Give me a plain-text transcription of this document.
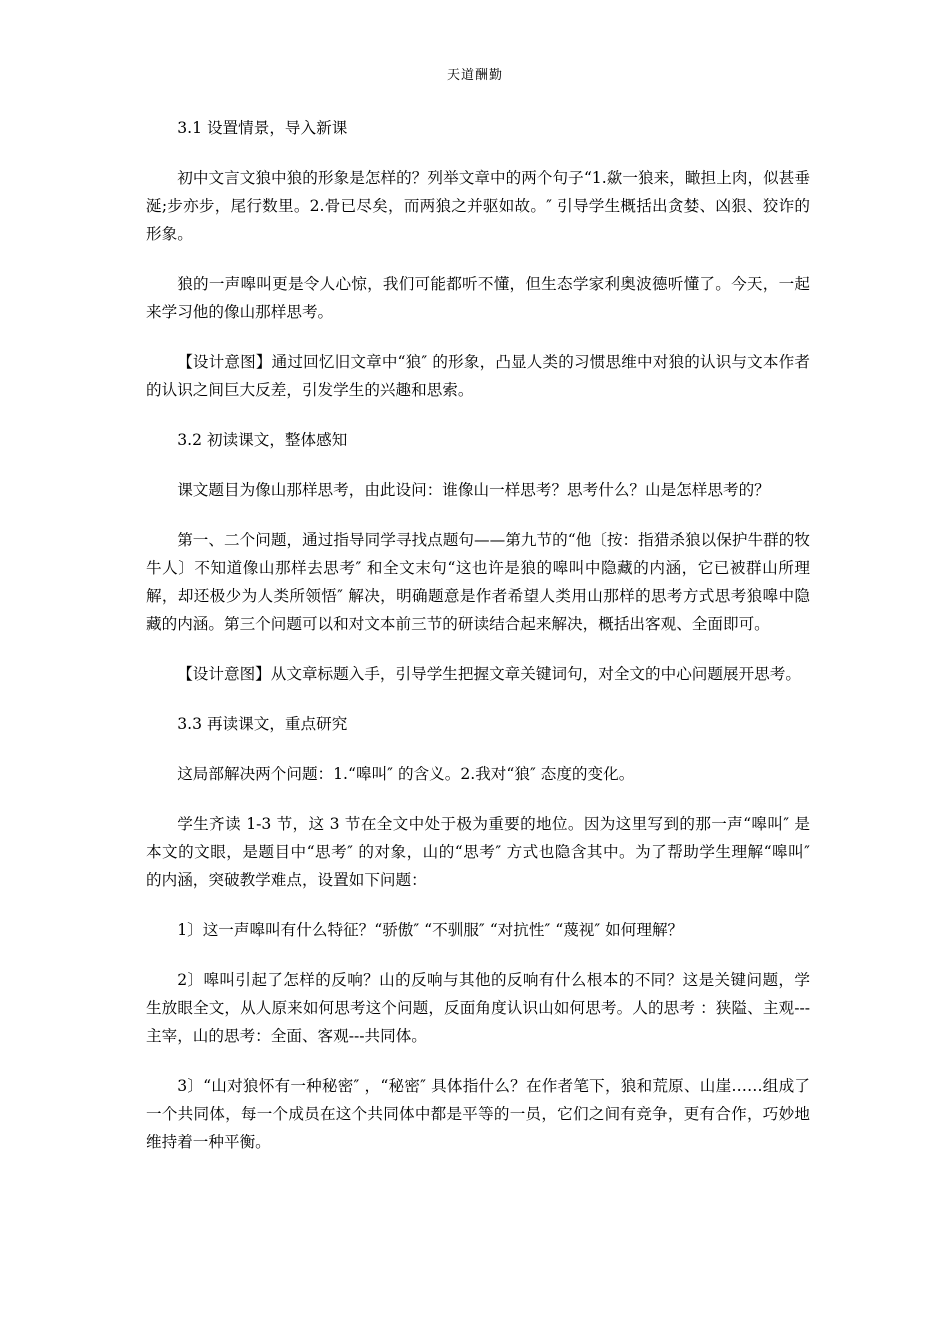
天道酬勤

3.1 设置情景，导入新课

初中文言文狼中狼的形象是怎样的？列举文章中的两个句子“1.歘一狼来，瞰担上肉，似甚垂涎;步亦步，尾行数里。2.骨已尽矣，而两狼之并驱如故。″ 引导学生概括出贪婪、凶狠、狡诈的形象。

狼的一声嗥叫更是令人心惊，我们可能都听不懂，但生态学家利奥波德听懂了。今天，一起来学习他的像山那样思考。

【设计意图】通过回忆旧文章中“狼″ 的形象，凸显人类的习惯思维中对狼的认识与文本作者的认识之间巨大反差，引发学生的兴趣和思索。

3.2 初读课文，整体感知

课文题目为像山那样思考，由此设问：谁像山一样思考？思考什么？山是怎样思考的？

第一、二个问题，通过指导同学寻找点题句——第九节的“他〔按：指猎杀狼以保护牛群的牧牛人〕不知道像山那样去思考″ 和全文末句“这也许是狼的嗥叫中隐藏的内涵，它已被群山所理解，却还极少为人类所领悟″ 解决，明确题意是作者希望人类用山那样的思考方式思考狼嗥中隐藏的内涵。第三个问题可以和对文本前三节的研读结合起来解决，概括出客观、全面即可。

【设计意图】从文章标题入手，引导学生把握文章关键词句，对全文的中心问题展开思考。

3.3 再读课文，重点研究

这局部解决两个问题：1.“嗥叫″ 的含义。2.我对“狼″ 态度的变化。

学生齐读 1-3 节，这 3 节在全文中处于极为重要的地位。因为这里写到的那一声“嗥叫″ 是本文的文眼，是题目中“思考″ 的对象，山的“思考″ 方式也隐含其中。为了帮助学生理解“嗥叫″ 的内涵，突破教学难点，设置如下问题：

1〕这一声嗥叫有什么特征？“骄傲″ “不驯服″ “对抗性″ “蔑视″ 如何理解？

2〕嗥叫引起了怎样的反响？山的反响与其他的反响有什么根本的不同？这是关键问题，学生放眼全文，从人原来如何思考这个问题，反面角度认识山如何思考。人的思考 ：狭隘、主观---主宰，山的思考：全面、客观---共同体。

3〕“山对狼怀有一种秘密″ ，“秘密″ 具体指什么？在作者笔下，狼和荒原、山崖……组成了一个共同体，每一个成员在这个共同体中都是平等的一员，它们之间有竞争，更有合作，巧妙地维持着一种平衡。
